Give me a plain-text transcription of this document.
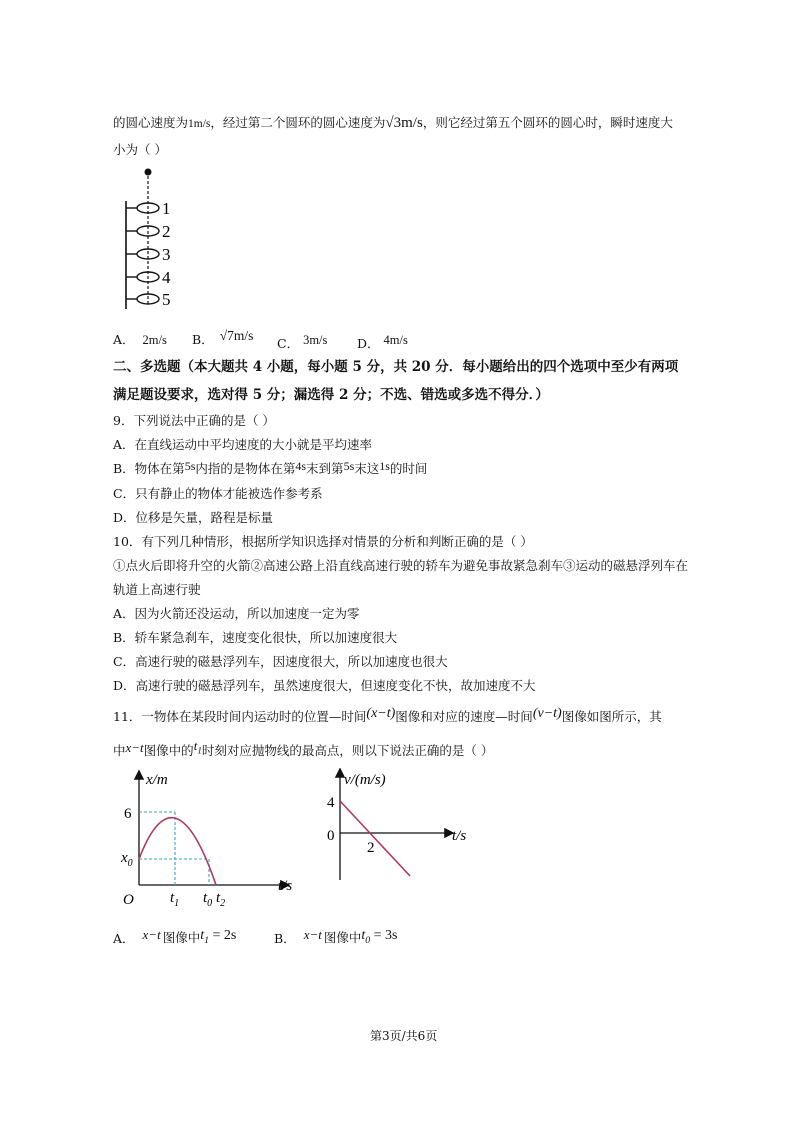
的圆心速度为1m/s，经过第二个圆环的圆心速度为√3m/s，则它经过第五个圆环的圆心时，瞬时速度大
小为（ ）
1
2
3
4
5
A． 2m/s B． √7m/s
C． 3m/s D． 4m/s
二、多选题（本大题共 4 小题，每小题 5 分，共 20 分．每小题给出的四个选项中至少有两项
满足题设要求，选对得 5 分；漏选得 2 分；不选、错选或多选不得分．）
9．下列说法中正确的是（ ）
A．在直线运动中平均速度的大小就是平均速率
B．物体在第5s内指的是物体在第4s末到第5s末这1s的时间
C．只有静止的物体才能被选作参考系
D．位移是矢量，路程是标量
10．有下列几种情形，根据所学知识选择对情景的分析和判断正确的是（ ）
①点火后即将升空的火箭②高速公路上沿直线高速行驶的轿车为避免事故紧急刹车③运动的磁悬浮列车在
轨道上高速行驶
A．因为火箭还没运动，所以加速度一定为零
B．轿车紧急刹车，速度变化很快，所以加速度很大
C．高速行驶的磁悬浮列车，因速度很大，所以加速度也很大
D．高速行驶的磁悬浮列车，虽然速度很大，但速度变化不快，故加速度不大
11．一物体在某段时间内运动时的位置—时间(x−t)图像和对应的速度—时间(v−t)图像如图所示，其
中x−t图像中的$t_1$时刻对应抛物线的最高点，则以下说法正确的是（ ）
x/m
6
$x_0$
O $t_1$ $t_0$ $t_2$
t/s
v/(m/s)
4
0
2
t/s
A． x−t 图像中$t_1 = 2s$	B． x−t 图像中$t_0 = 3s$
第3页/共6页
